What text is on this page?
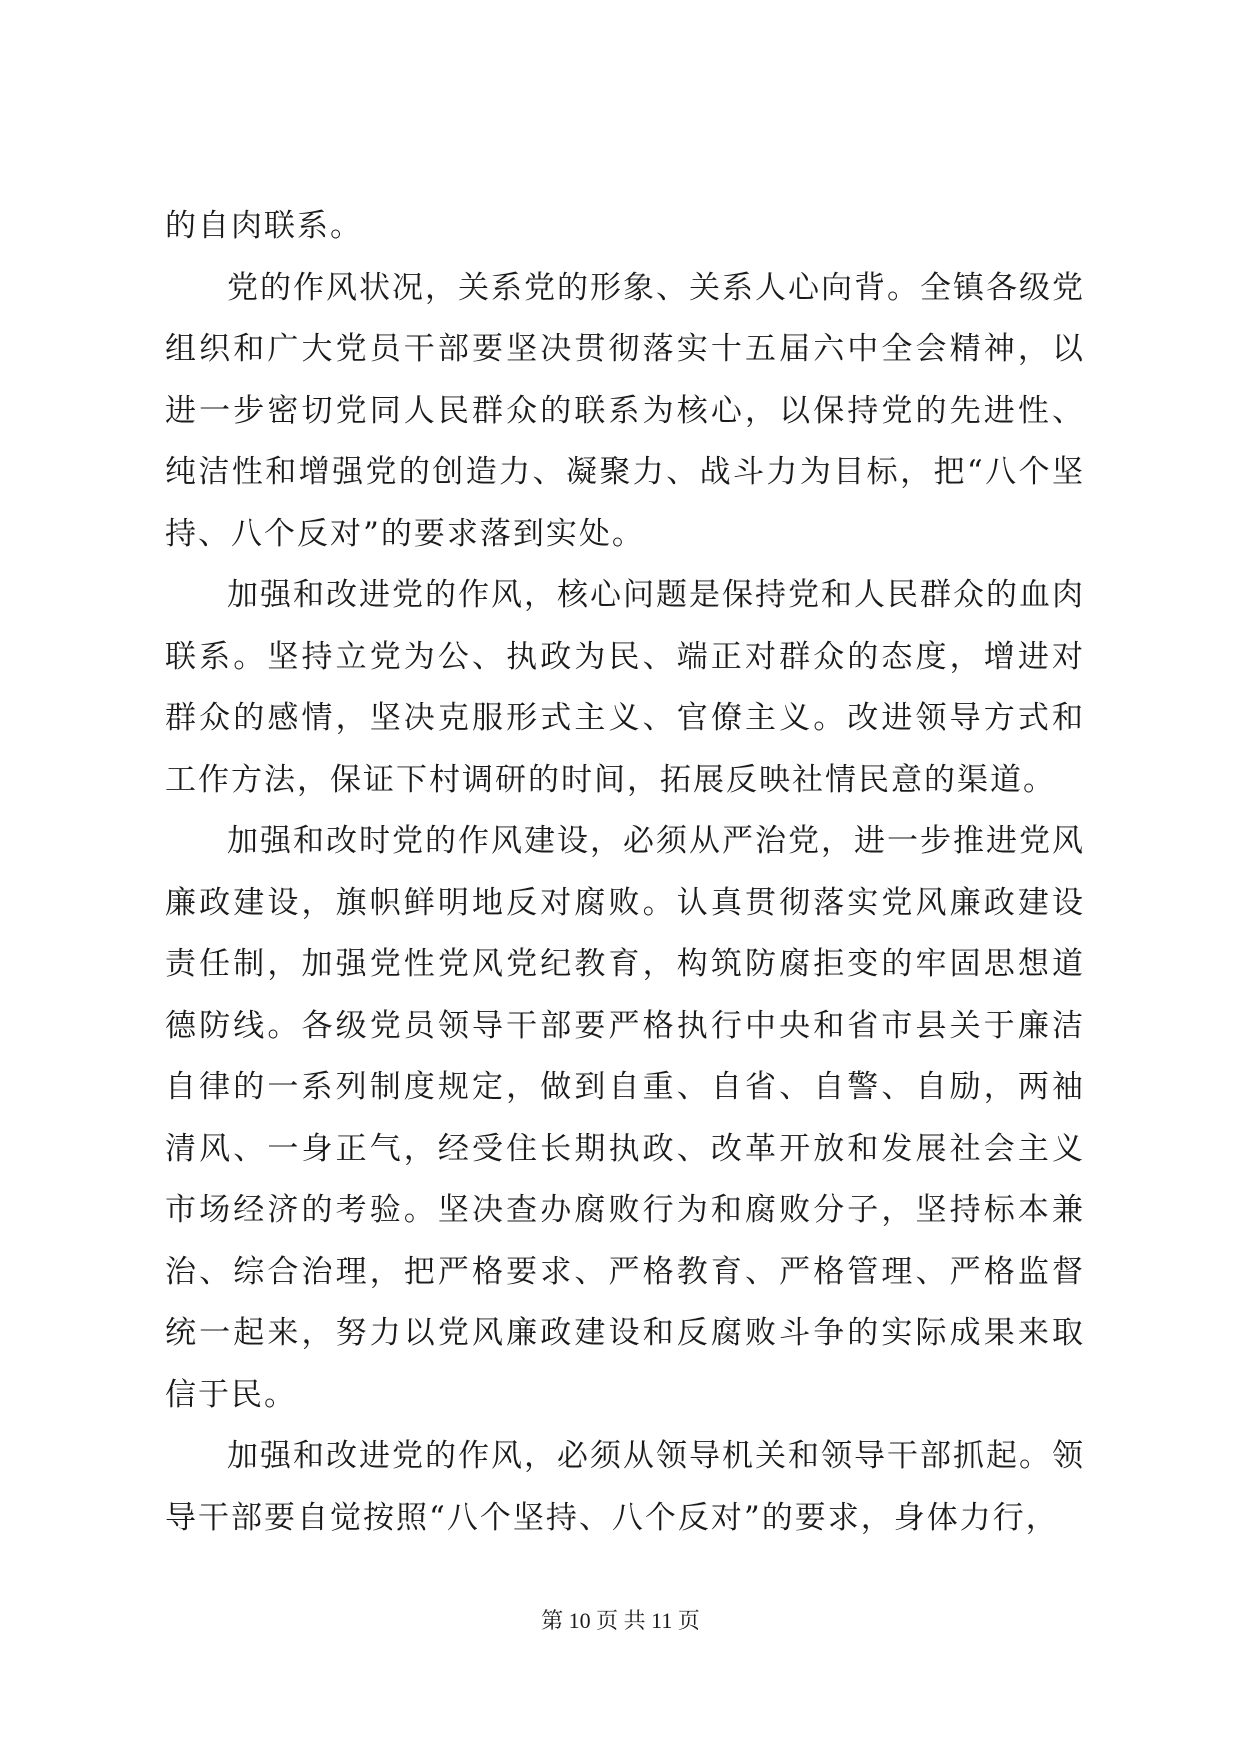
的自肉联系。

党的作风状况，关系党的形象、关系人心向背。全镇各级党组织和广大党员干部要坚决贯彻落实十五届六中全会精神，以进一步密切党同人民群众的联系为核心，以保持党的先进性、纯洁性和增强党的创造力、凝聚力、战斗力为目标，把“八个坚持、八个反对”的要求落到实处。

加强和改进党的作风，核心问题是保持党和人民群众的血肉联系。坚持立党为公、执政为民、端正对群众的态度，增进对群众的感情，坚决克服形式主义、官僚主义。改进领导方式和工作方法，保证下村调研的时间，拓展反映社情民意的渠道。

加强和改时党的作风建设，必须从严治党，进一步推进党风廉政建设，旗帜鲜明地反对腐败。认真贯彻落实党风廉政建设责任制，加强党性党风党纪教育，构筑防腐拒变的牢固思想道德防线。各级党员领导干部要严格执行中央和省市县关于廉洁自律的一系列制度规定，做到自重、自省、自警、自励，两袖清风、一身正气，经受住长期执政、改革开放和发展社会主义市场经济的考验。坚决查办腐败行为和腐败分子，坚持标本兼治、综合治理，把严格要求、严格教育、严格管理、严格监督统一起来，努力以党风廉政建设和反腐败斗争的实际成果来取信于民。

加强和改进党的作风，必须从领导机关和领导干部抓起。领导干部要自觉按照“八个坚持、八个反对”的要求，身体力行，

第 10 页 共 11 页
